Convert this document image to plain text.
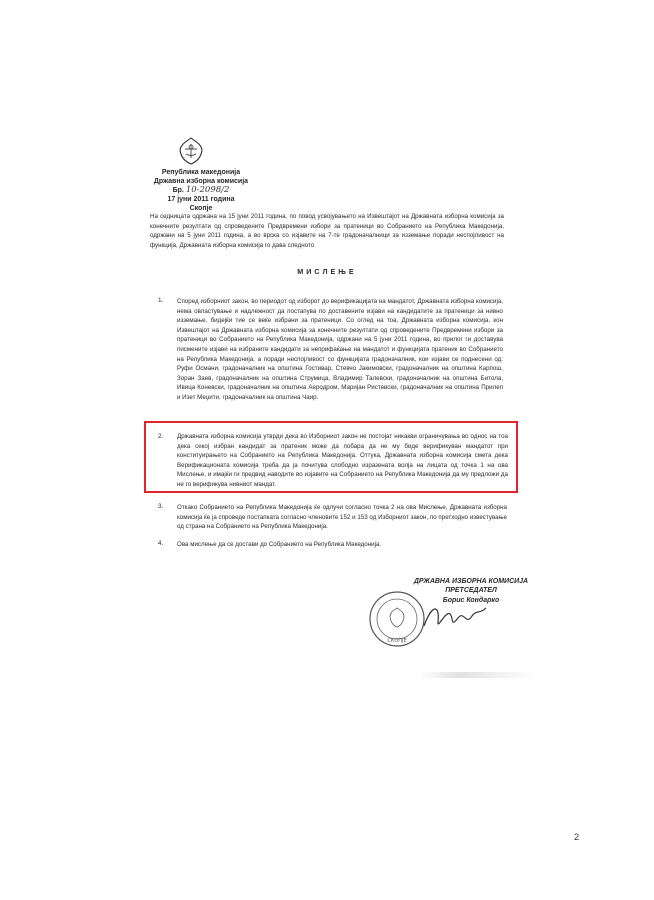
Република македонија
Државна изборна комисија
Бр. 10-2098/2
17 јуни 2011 година
Скопје
На седницата одржана на 15 јуни 2011 година, по повод усвојувањето на Извештајот на Државната изборна комисија за конечните резултати од спроведените Предвремени избори за пратеници во Собранието на Република Македонија, одржани на 5 јуни 2011 година, а во врска со изјавите на 7-те градоначалници за изземање поради неспојливост на функција, Државната изборна комисија го дава следното
МИСЛЕЊЕ
1. Според изборниот закон, во периодот од изборот до верификацијата на мандатот, Државната изборна комисија, нема овластување и надлежност да постапува по доставените изјави на кандидатите за пратеници за нивно изземање, бидејќи тие се веќе избрани за пратеници. Со оглед на тоа, Државната изборна комисија, кон Извештајот на Државната изборна комисија за конечните резултати од спроведените Предвремени избори за пратеници во Собранието на Република Македонија, одржани на 5 јуни 2011 година, во прилог ги доставува писмените изјави на избраните кандидати за неприфаќање на мандатот и функцијата пратеник во Собранието на Република Македонија, а поради неспојливост со функцијата градоначалник, кои изјави се поднесени од: Руфи Османи, градоначалник на општина Гостивар, Стевчо Јакимовски, градоначалник на општина Карпош, Зоран Заев, градоначалник на општина Струмица, Владимир Талевски, градоначалник на општина Битола, Ивица Коневски, градоначалник на општина Аеродром, Маријан Ристевски, градоначалник на општина Прилеп и Изет Меџити, градоначалник на општина Чаир.
2. Државната изборна комисија утврди дека во Изборниот закон не постојат никакви ограничувања во однос на тоа дека секој избран кандидат за пратеник може да побара да не му биде верификуван мандатот при конституирањето на Собранието на Република Македонија. Оттука, Државната изборна комисија смета дека Верификационата комисија треба да ја почитува слободно изразената волја на лицата од точка 1 на ова Мислење, и имајќи ги предвид наводите во изјавите на Собранието на Република Македонија да му предложи да не го верификува нивниот мандат.
3. Откако Собранието на Република Македонија ќе одлучи согласно точка 2 на ова Мислење, Државната изборна комисија ќе ја спроведе постапката согласно членовите 152 и 153 од Изборниот закон, по претходно известување од страна на Собранието на Република Македонија.
4. Ова мислење да се достави до Собранието на Република Македонија.
СКОПЈЕ
ДРЖАВНА ИЗБОРНА КОМИСИЈА
ПРЕТСЕДАТЕЛ
Борис Кондарко
2
